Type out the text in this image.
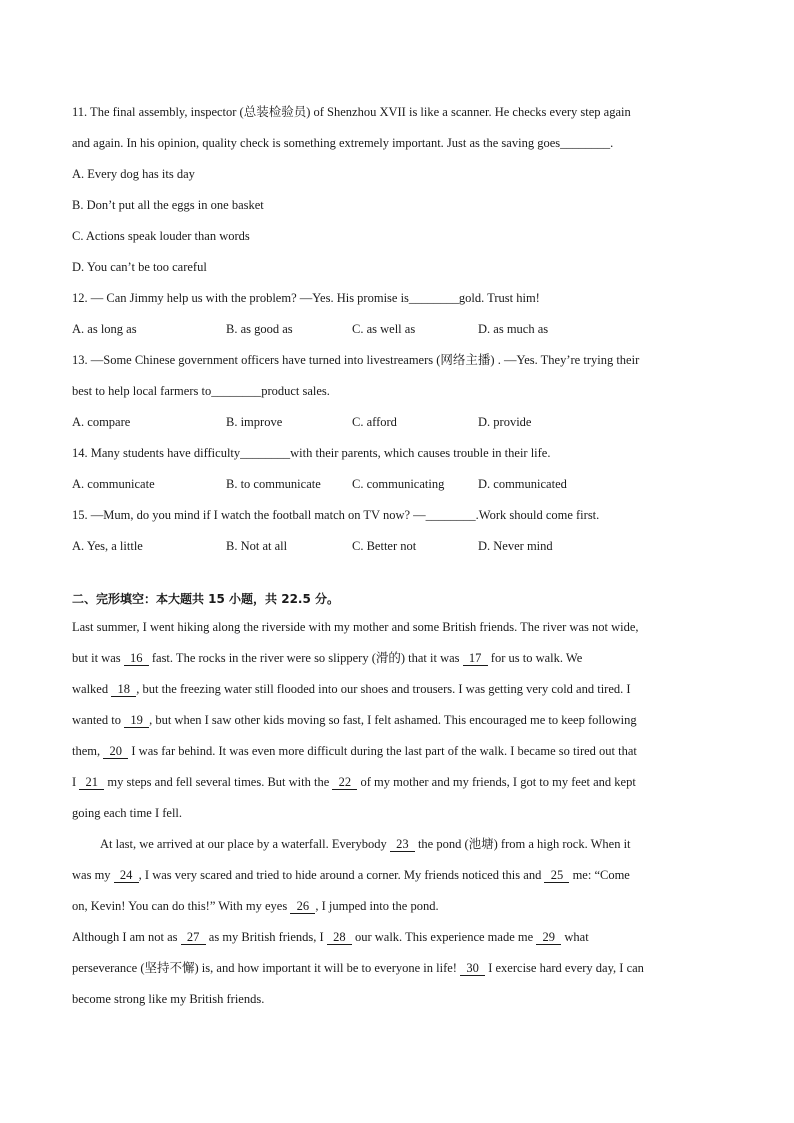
11. The final assembly, inspector (总装检验员) of Shenzhou XVII is like a scanner. He checks every step again
and again. In his opinion, quality check is something extremely important. Just as the saving goes________.
A. Every dog has its day
B. Don’t put all the eggs in one basket
C. Actions speak louder than words
D. You can’t be too careful
12. — Can Jimmy help us with the problem? —Yes. His promise is________gold. Trust him!
A. as long as	B. as good as	C. as well as	D. as much as
13. —Some Chinese government officers have turned into livestreamers (网络主播) . —Yes. They’re trying their
best to help local farmers to________product sales.
A. compare	B. improve	C. afford	D. provide
14. Many students have difficulty________with their parents, which causes trouble in their life.
A. communicate	B. to communicate	C. communicating	D. communicated
15. —Mum, do you mind if I watch the football match on TV now? —________.Work should come first.
A. Yes, a little	B. Not at all	C. Better not	D. Never mind
二、完形填空：本大题共 15 小题，共 22.5 分。
Last summer, I went hiking along the riverside with my mother and some British friends. The river was not wide,
but it was   16   fast. The rocks in the river were so slippery (滑的) that it was   17   for us to walk. We
walked   18  , but the freezing water still flooded into our shoes and trousers. I was getting very cold and tired. I
wanted to   19  , but when I saw other kids moving so fast, I felt ashamed. This encouraged me to keep following
them,   20   I was far behind. It was even more difficult during the last part of the walk. I became so tired out that
I   21   my steps and fell several times. But with the   22   of my mother and my friends, I got to my feet and kept
going each time I fell.
At last, we arrived at our place by a waterfall. Everybody   23   the pond (池塘) from a high rock. When it
was my   24  , I was very scared and tried to hide around a corner. My friends noticed this and   25   me: “Come
on, Kevin! You can do this!” With my eyes   26  , I jumped into the pond.
Although I am not as   27   as my British friends, I   28   our walk. This experience made me   29   what
perseverance (坚持不懈) is, and how important it will be to everyone in life!   30   I exercise hard every day, I can
become strong like my British friends.
